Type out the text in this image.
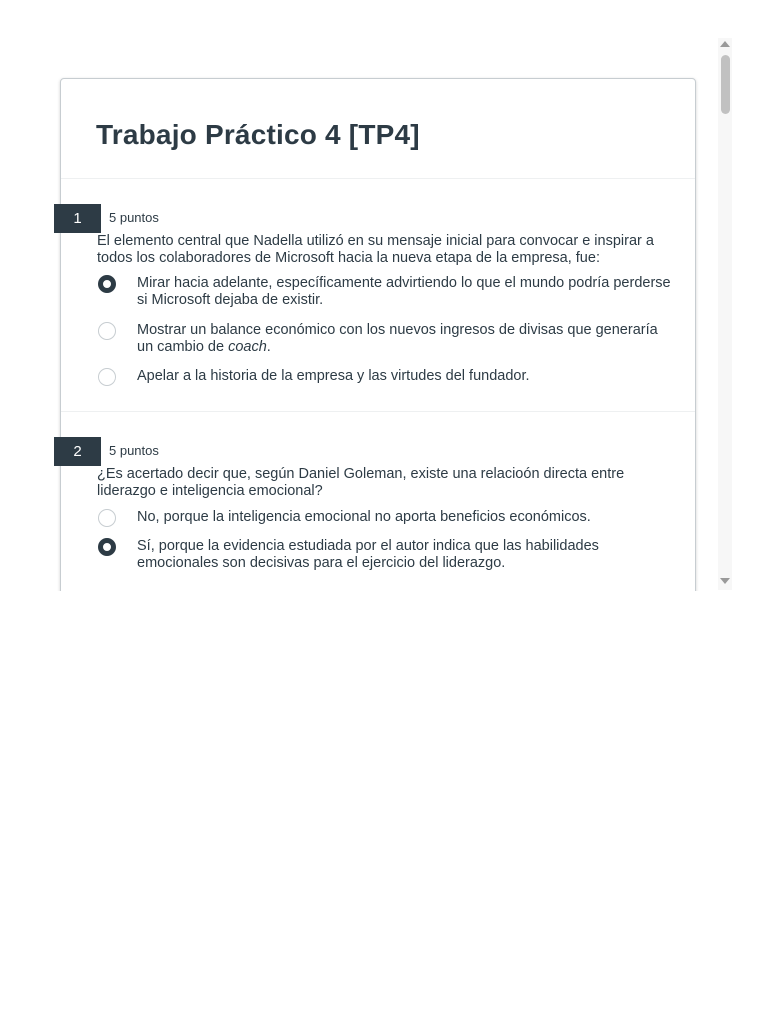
Trabajo Práctico 4 [TP4]
1	5 puntos

El elemento central que Nadella utilizó en su mensaje inicial para convocar e inspirar a todos los colaboradores de Microsoft hacia la nueva etapa de la empresa, fue:

Mirar hacia adelante, específicamente advirtiendo lo que el mundo podría perderse si Microsoft dejaba de existir.
Mostrar un balance económico con los nuevos ingresos de divisas que generaría un cambio de coach.
Apelar a la historia de la empresa y las virtudes del fundador.
2	5 puntos

¿Es acertado decir que, según Daniel Goleman, existe una relacioón directa entre liderazgo e inteligencia emocional?

No, porque la inteligencia emocional no aporta beneficios económicos.
Sí, porque la evidencia estudiada por el autor indica que las habilidades emocionales son decisivas para el ejercicio del liderazgo.
